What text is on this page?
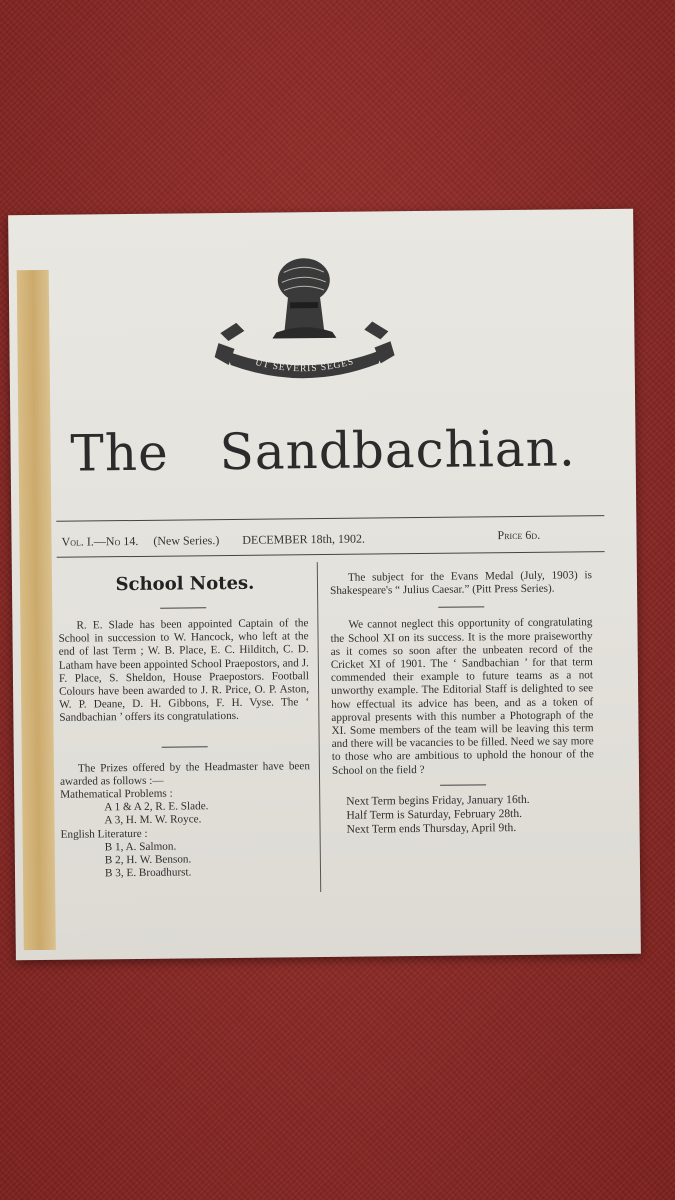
UT SEVERIS SEGES
The Sandbachian.
Vol. I.—No 14. (New Series.) DECEMBER 18th, 1902.	Price 6d.
School Notes.

R. E. Slade has been appointed Captain of the School in succession to W. Hancock, who left at the end of last Term ; W. B. Place, E. C. Hilditch, C. D. Latham have been appointed School Praepostors, and J. F. Place, S. Sheldon, House Praepostors. Football Colours have been awarded to J. R. Price, O. P. Aston, W. P. Deane, D. H. Gibbons, F. H. Vyse. The ‘ Sandbachian ’ offers its congratulations.

The Prizes offered by the Headmaster have been awarded as follows :—

Mathematical Problems :
A 1 & A 2, R. E. Slade.
A 3, H. M. W. Royce.
English Literature :
B 1, A. Salmon.
B 2, H. W. Benson.
B 3, E. Broadhurst.

The subject for the Evans Medal (July, 1903) is Shakespeare's “ Julius Caesar.” (Pitt Press Series).

We cannot neglect this opportunity of congratulating the School XI on its success. It is the more praiseworthy as it comes so soon after the unbeaten record of the Cricket XI of 1901. The ‘ Sandbachian ’ for that term commended their example to future teams as a not unworthy example. The Editorial Staff is delighted to see how effectual its advice has been, and as a token of approval presents with this number a Photograph of the XI. Some members of the team will be leaving this term and there will be vacancies to be filled. Need we say more to those who are ambitious to uphold the honour of the School on the field ?

Next Term begins Friday, January 16th.
Half Term is Saturday, February 28th.
Next Term ends Thursday, April 9th.
